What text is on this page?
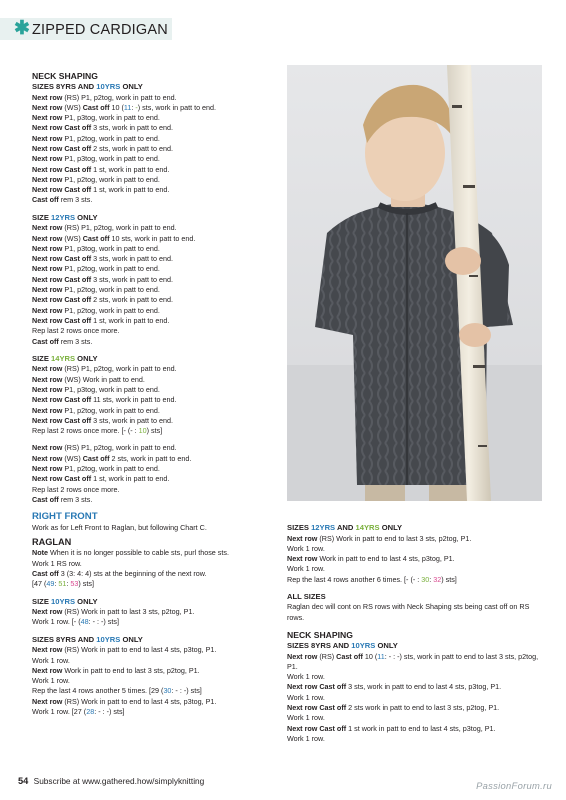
✱ ZIPPED CARDIGAN
NECK SHAPING
SIZES 8YRS AND 10YRS ONLY
Next row (RS) P1, p2tog, work in patt to end.
Next row (WS) Cast off 10 (11: -) sts, work in patt to end.
Next row P1, p3tog, work in patt to end.
Next row Cast off 3 sts, work in patt to end.
Next row P1, p2tog, work in patt to end.
Next row Cast off 2 sts, work in patt to end.
Next row P1, p3tog, work in patt to end.
Next row Cast off 1 st, work in patt to end.
Next row P1, p2tog, work in patt to end.
Next row Cast off 1 st, work in patt to end.
Cast off rem 3 sts.
SIZE 12YRS ONLY
Next row (RS) P1, p2tog, work in patt to end.
Next row (WS) Cast off 10 sts, work in patt to end.
Next row P1, p3tog, work in patt to end.
Next row Cast off 3 sts, work in patt to end.
Next row P1, p2tog, work in patt to end.
Next row Cast off 3 sts, work in patt to end.
Next row P1, p2tog, work in patt to end.
Next row Cast off 2 sts, work in patt to end.
Next row P1, p2tog, work in patt to end.
Next row Cast off 1 st, work in patt to end.
Rep last 2 rows once more.
Cast off rem 3 sts.
SIZE 14YRS ONLY
Next row (RS) P1, p2tog, work in patt to end.
Next row (WS) Work in patt to end.
Next row P1, p3tog, work in patt to end.
Next row Cast off 11 sts, work in patt to end.
Next row P1, p2tog, work in patt to end.
Next row Cast off 3 sts, work in patt to end.
Rep last 2 rows once more. [- (- : 10) sts]
Next row (RS) P1, p2tog, work in patt to end.
Next row (WS) Cast off 2 sts, work in patt to end.
Next row P1, p2tog, work in patt to end.
Next row Cast off 1 st, work in patt to end.
Rep last 2 rows once more.
Cast off rem 3 sts.
RIGHT FRONT
Work as for Left Front to Raglan, but following Chart C.
RAGLAN
Note When it is no longer possible to cable sts, purl those sts.
Work 1 RS row.
Cast off 3 (3: 4: 4) sts at the beginning of the next row.
[47 (49: 51: 53) sts]
SIZE 10YRS ONLY
Next row (RS) Work in patt to last 3 sts, p2tog, P1.
Work 1 row. [- (48: - : -) sts]
SIZES 8YRS AND 10YRS ONLY
Next row (RS) Work in patt to end to last 4 sts, p3tog, P1.
Work 1 row.
Next row Work in patt to end to last 3 sts, p2tog, P1.
Work 1 row.
Rep the last 4 rows another 5 times. [29 (30: - : -) sts]
Next row (RS) Work in patt to end to last 4 sts, p3tog, P1.
Work 1 row. [27 (28: - : -) sts]
SIZES 12YRS AND 14YRS ONLY
Next row (RS) Work in patt to end to last 3 sts, p2tog, P1.
Work 1 row.
Next row Work in patt to end to last 4 sts, p3tog, P1.
Work 1 row.
Rep the last 4 rows another 6 times. [- (- : 30: 32) sts]
ALL SIZES
Raglan dec will cont on RS rows with Neck Shaping sts being cast off on RS rows.
NECK SHAPING
SIZES 8YRS AND 10YRS ONLY
Next row (RS) Cast off 10 (11: - : -) sts, work in patt to end to last 3 sts, p2tog, P1.
Work 1 row.
Next row Cast off 3 sts, work in patt to end to last 4 sts, p3tog, P1.
Work 1 row.
Next row Cast off 2 sts work in patt to end to last 3 sts, p2tog, P1.
Work 1 row.
Next row Cast off 1 st work in patt to end to last 4 sts, p3tog, P1.
Work 1 row.
54 Subscribe at www.gathered.how/simplyknitting	PassionForum.ru
